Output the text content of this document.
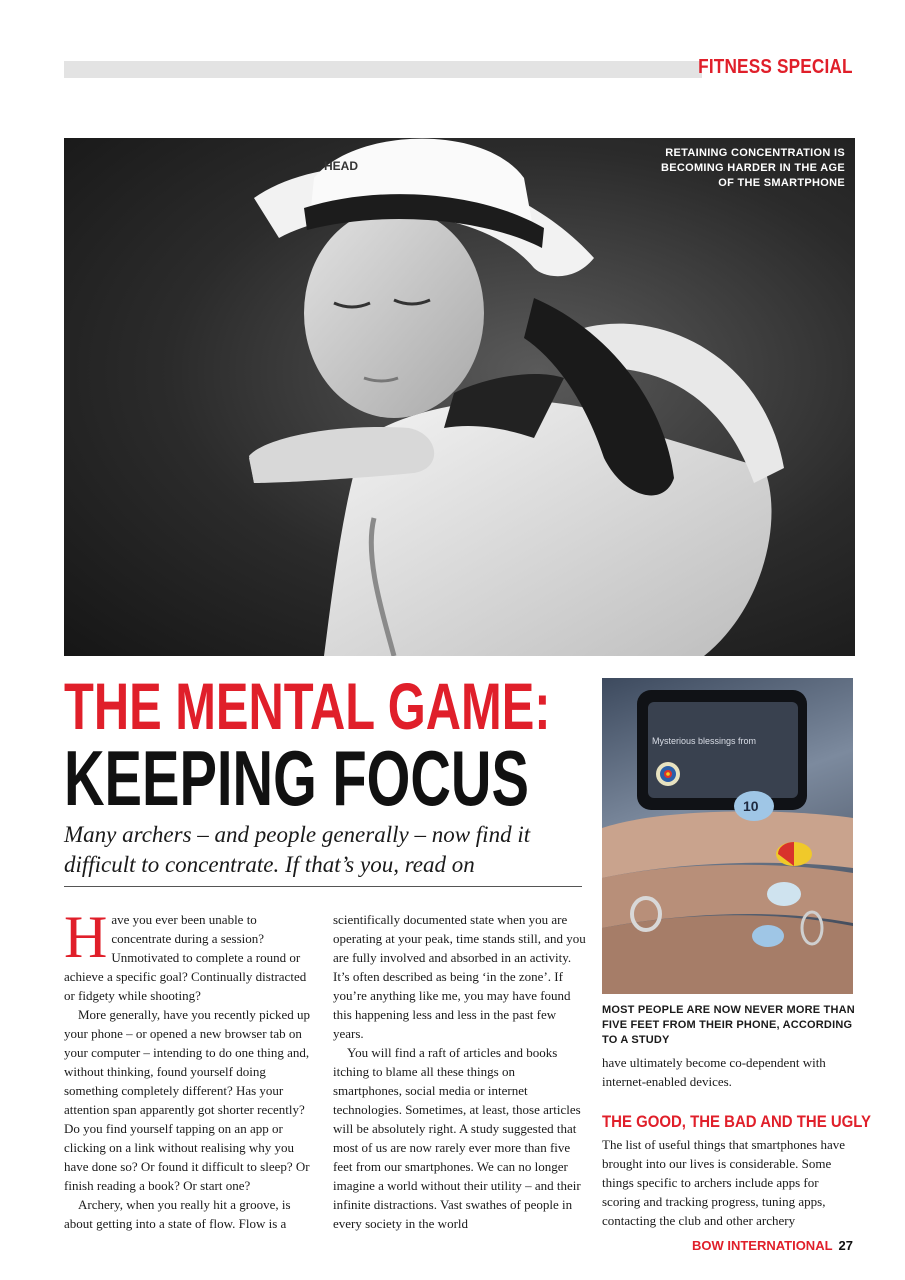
FITNESS SPECIAL
HEAD
RETAINING CONCENTRATION IS BECOMING HARDER IN THE AGE OF THE SMARTPHONE
THE MENTAL GAME:
KEEPING FOCUS
Many archers – and people generally – now find it difficult to concentrate. If that’s you, read on
Mysterious blessings from
10
MOST PEOPLE ARE NOW NEVER MORE THAN FIVE FEET FROM THEIR PHONE, ACCORDING TO A STUDY

Have you ever been unable to concentrate during a session? Unmotivated to complete a round or achieve a specific goal? Continually distracted or fidgety while shooting?

More generally, have you recently picked up your phone – or opened a new browser tab on your computer – intending to do one thing and, without thinking, found yourself doing something completely different? Has your attention span apparently got shorter recently? Do you find yourself tapping on an app or clicking on a link without realising why you have done so? Or found it difficult to sleep? Or finish reading a book? Or start one?

Archery, when you really hit a groove, is about getting into a state of flow. Flow is a

scientifically documented state when you are operating at your peak, time stands still, and you are fully involved and absorbed in an activity. It’s often described as being ‘in the zone’. If you’re anything like me, you may have found this happening less and less in the past few years.

You will find a raft of articles and books itching to blame all these things on smartphones, social media or internet technologies. Sometimes, at least, those articles will be absolutely right. A study suggested that most of us are now rarely ever more than five feet from our smartphones. We can no longer imagine a world without their utility – and their infinite distractions. Vast swathes of people in every society in the world

have ultimately become co-dependent with internet-enabled devices.

THE GOOD, THE BAD AND THE UGLY

The list of useful things that smartphones have brought into our lives is considerable. Some things specific to archers include apps for scoring and tracking progress, tuning apps, contacting the club and other archery

BOW INTERNATIONAL 27
